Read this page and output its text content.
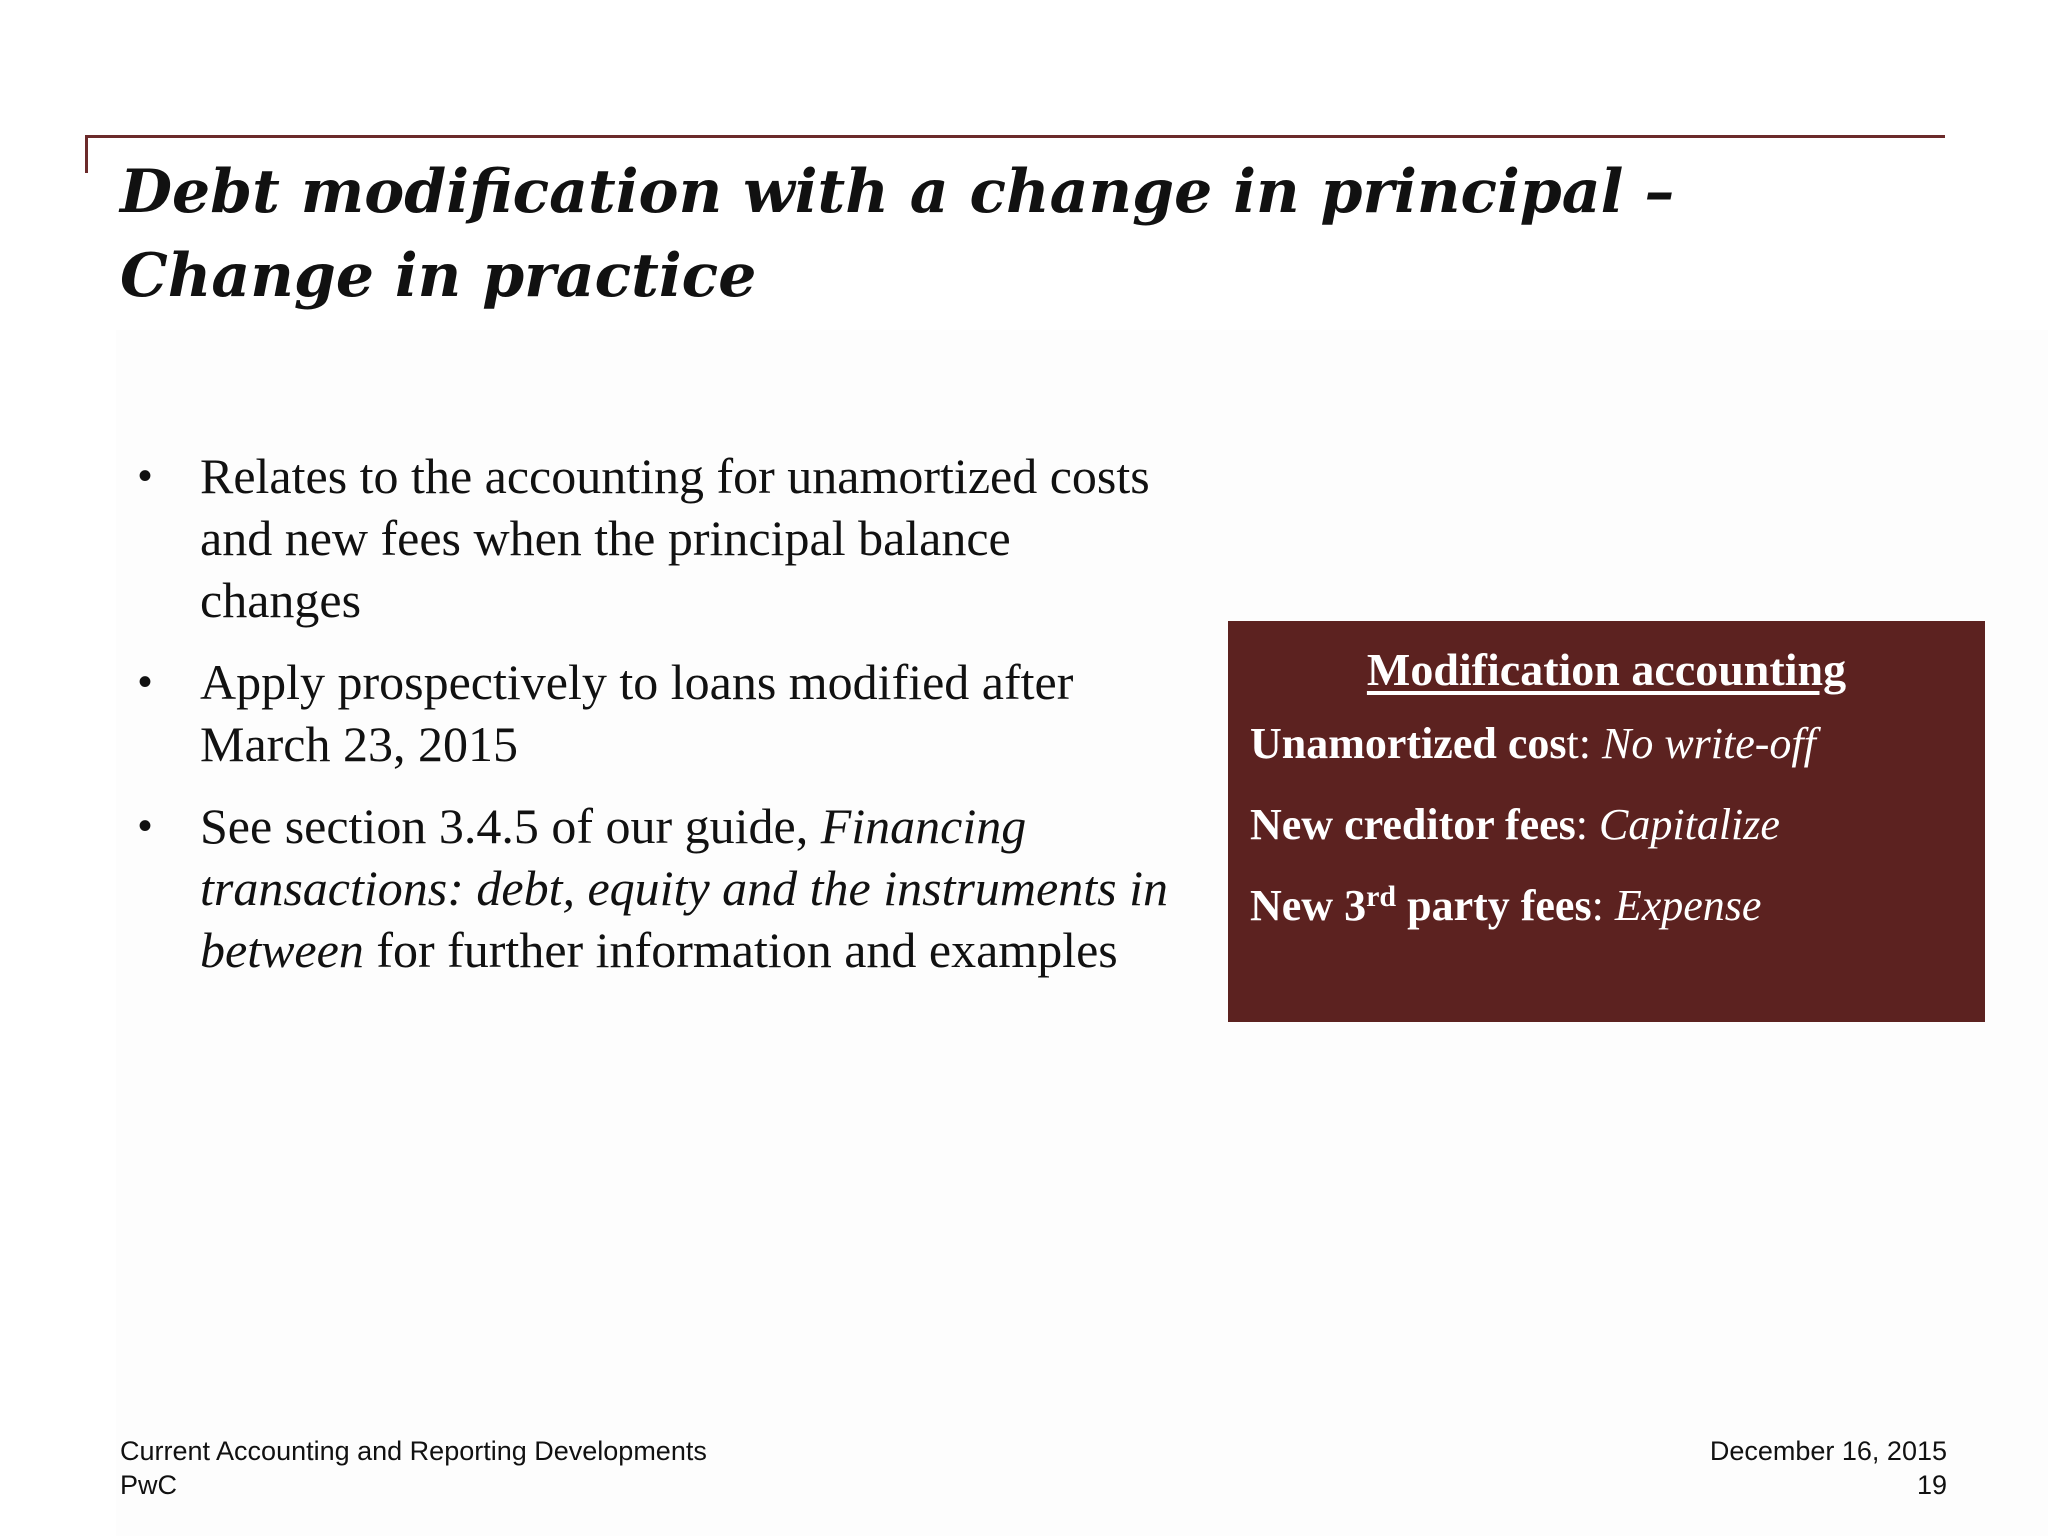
Debt modification with a change in principal –
Change in practice
• Relates to the accounting for unamortized costs and new fees when the principal balance changes
• Apply prospectively to loans modified after March 23, 2015
• See section 3.4.5 of our guide, Financing transactions: debt, equity and the instruments in between for further information and examples
Modification accounting
Unamortized cost: No write-off
New creditor fees: Capitalize
New 3rd party fees: Expense
Current Accounting and Reporting Developments
PwC
December 16, 2015
19
